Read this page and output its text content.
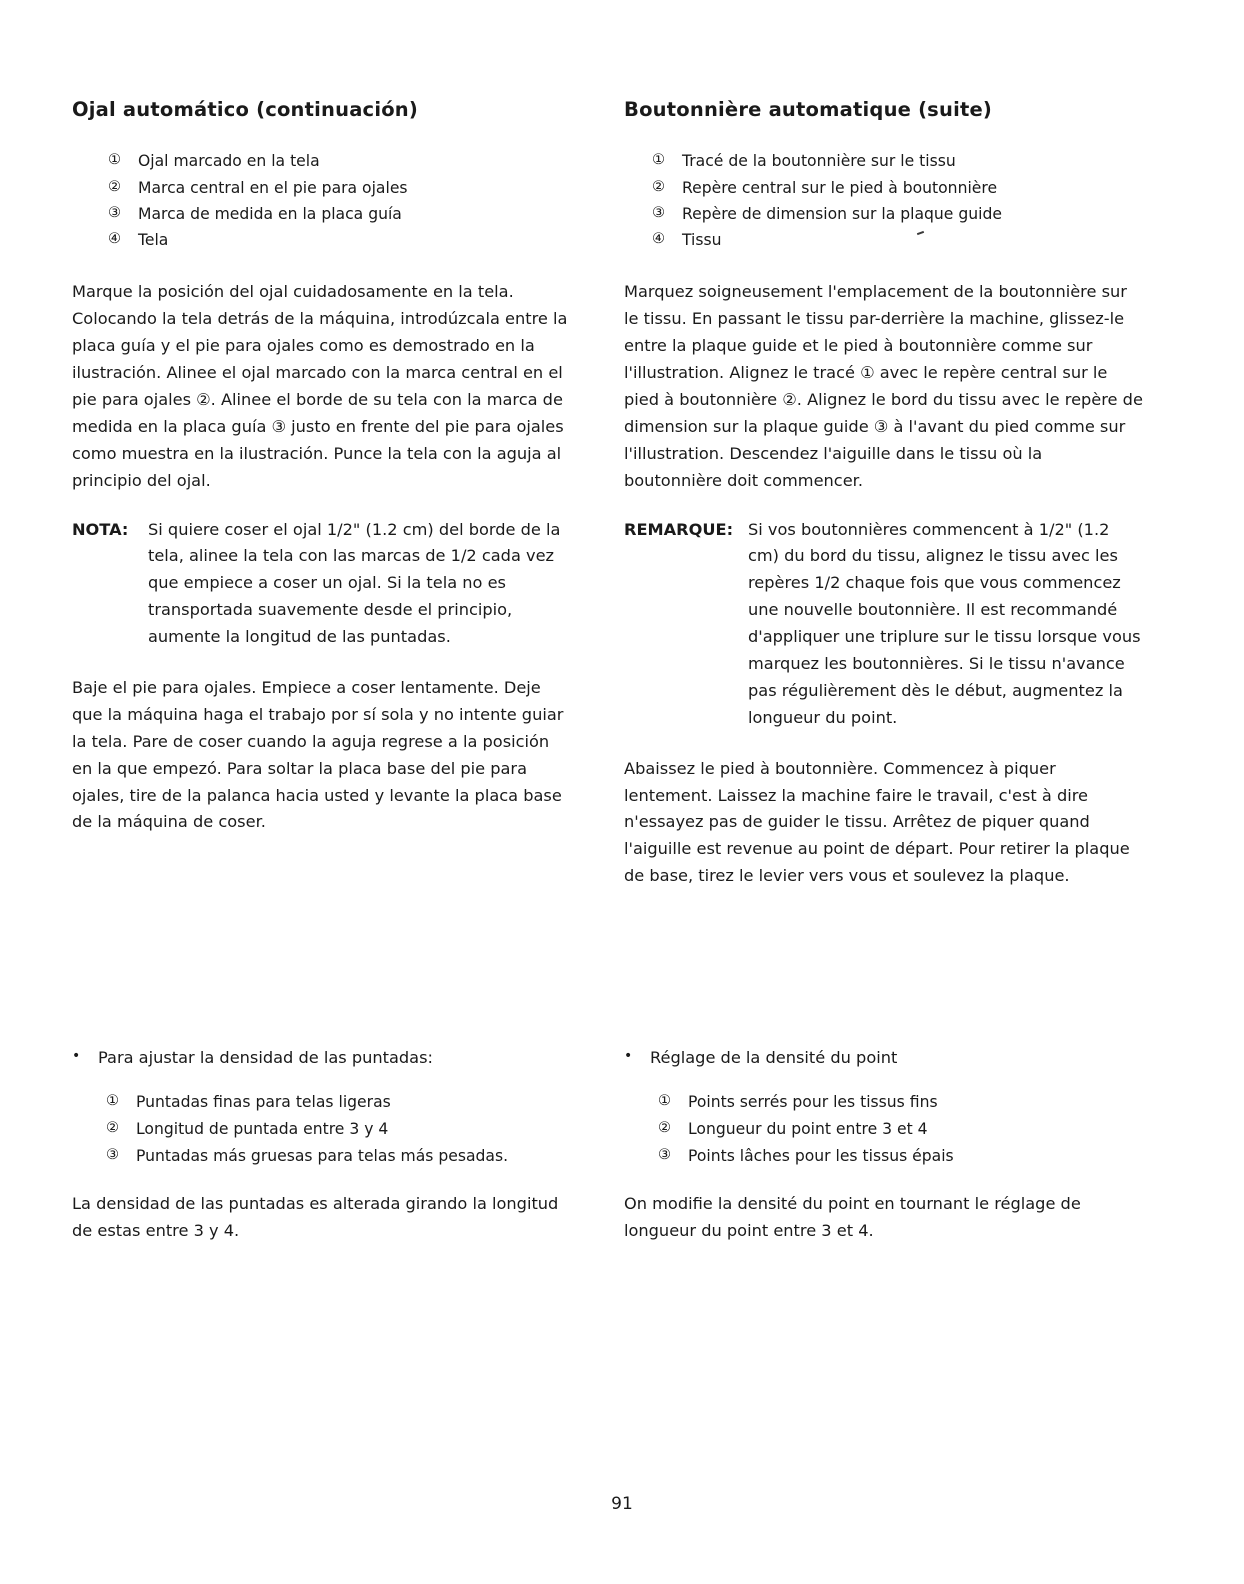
Ojal automático (continuación)
①	Ojal marcado en la tela
②	Marca central en el pie para ojales
③	Marca de medida en la placa guía
④	Tela

Marque la posición del ojal cuidadosamente en la tela. Colocando la tela detrás de la máquina, introdúzcala entre la placa guía y el pie para ojales como es demostrado en la ilustración. Alinee el ojal marcado con la marca central en el pie para ojales ②. Alinee el borde de su tela con la marca de medida en la placa guía ③ justo en frente del pie para ojales como muestra en la ilustración. Punce la tela con la aguja al principio del ojal.

NOTA:	Si quiere coser el ojal 1/2" (1.2 cm) del borde de la tela, alinee la tela con las marcas de 1/2 cada vez que empiece a coser un ojal. Si la tela no es transportada suavemente desde el principio, aumente la longitud de las puntadas.

Baje el pie para ojales. Empiece a coser lentamente. Deje que la máquina haga el trabajo por sí sola y no intente guiar la tela. Pare de coser cuando la aguja regrese a la posición en la que empezó. Para soltar la placa base del pie para ojales, tire de la palanca hacia usted y levante la placa base de la máquina de coser.

Boutonnière automatique (suite)
①	Tracé de la boutonnière sur le tissu
②	Repère central sur le pied à boutonnière
③	Repère de dimension sur la plaque guide
④	Tissu

Marquez soigneusement l'emplacement de la boutonnière sur le tissu. En passant le tissu par-derrière la machine, glissez-le entre la plaque guide et le pied à boutonnière comme sur l'illustration. Alignez le tracé ① avec le repère central sur le pied à boutonnière ②. Alignez le bord du tissu avec le repère de dimension sur la plaque guide ③ à l'avant du pied comme sur l'illustration. Descendez l'aiguille dans le tissu où la boutonnière doit commencer.

REMARQUE: Si vos boutonnières commencent à 1/2" (1.2 cm) du bord du tissu, alignez le tissu avec les repères 1/2 chaque fois que vous commencez une nouvelle boutonnière. Il est recommandé d'appliquer une triplure sur le tissu lorsque vous marquez les boutonnières. Si le tissu n'avance pas régulièrement dès le début, augmentez la longueur du point.

Abaissez le pied à boutonnière. Commencez à piquer lentement. Laissez la machine faire le travail, c'est à dire n'essayez pas de guider le tissu. Arrêtez de piquer quand l'aiguille est revenue au point de départ. Pour retirer la plaque de base, tirez le levier vers vous et soulevez la plaque.

•	Para ajustar la densidad de las puntadas:
①	Puntadas finas para telas ligeras
②	Longitud de puntada entre 3 y 4
③	Puntadas más gruesas para telas más pesadas.

La densidad de las puntadas es alterada girando la longitud de estas entre 3 y 4.

•	Réglage de la densité du point
①	Points serrés pour les tissus fins
②	Longueur du point entre 3 et 4
③	Points lâches pour les tissus épais

On modifie la densité du point en tournant le réglage de longueur du point entre 3 et 4.

91
